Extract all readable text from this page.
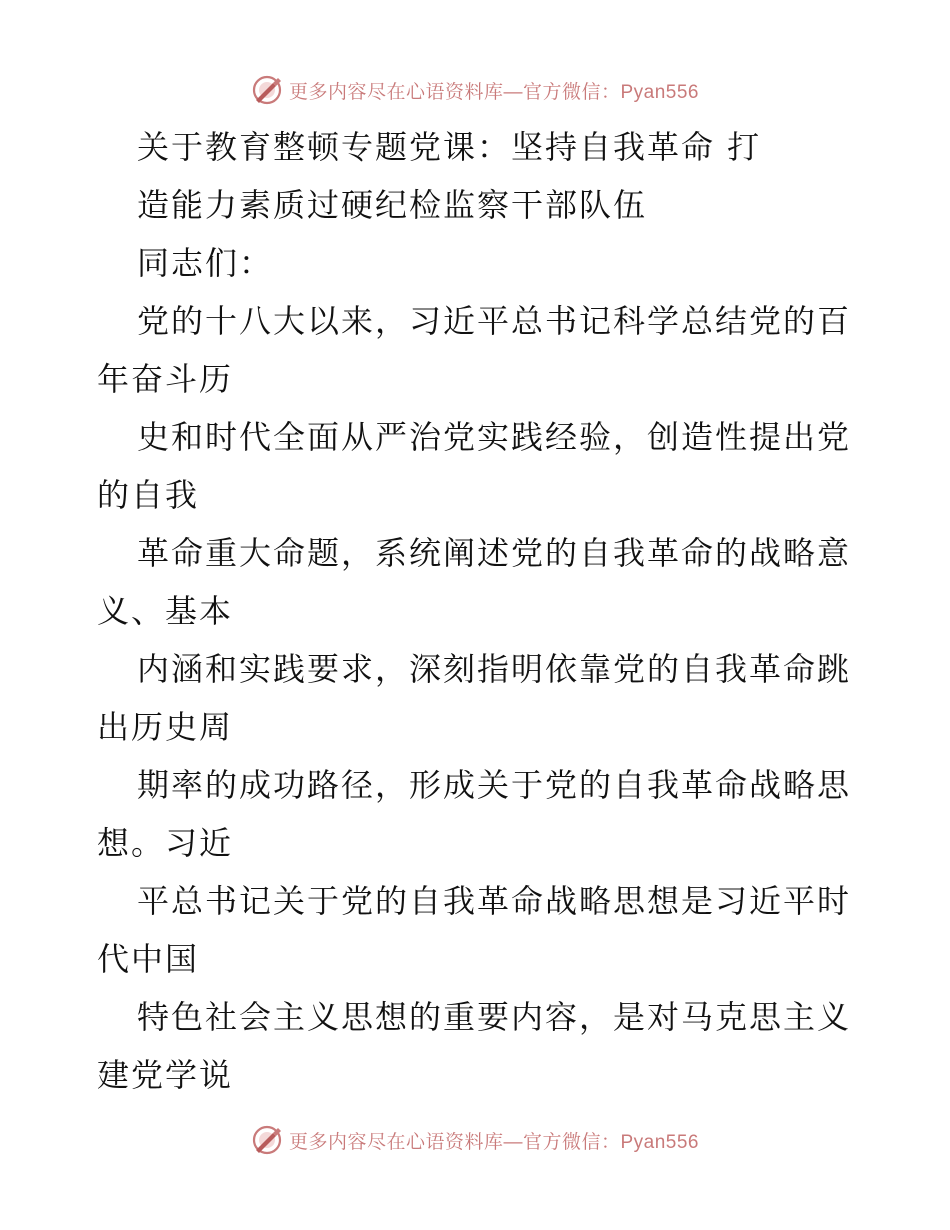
更多内容尽在心语资料库—官方微信：Pyan556
关于教育整顿专题党课：坚持自我革命 打
造能力素质过硬纪检监察干部队伍
同志们：
党的十八大以来，习近平总书记科学总结党的百
年奋斗历
史和时代全面从严治党实践经验，创造性提出党
的自我
革命重大命题，系统阐述党的自我革命的战略意
义、基本
内涵和实践要求，深刻指明依靠党的自我革命跳
出历史周
期率的成功路径，形成关于党的自我革命战略思
想。习近
平总书记关于党的自我革命战略思想是习近平时
代中国
特色社会主义思想的重要内容，是对马克思主义
建党学说
更多内容尽在心语资料库—官方微信：Pyan556
